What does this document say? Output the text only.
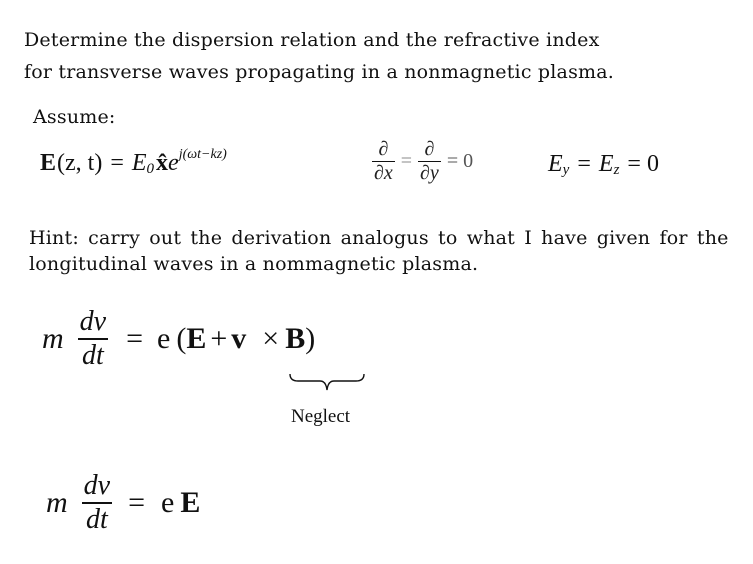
Determine the dispersion relation and the refractive index
for transverse waves propagating in a nonmagnetic plasma.
Assume:
E (z, t) = E 0 x̂ e j(ωt−kz)	$\frac{\partial}{\partial x} = \frac{\partial}{\partial y} = 0$	E y = E z = 0
Hint: carry out the derivation analogus to what I have given for the
longitudinal waves in a nommagnetic plasma.
m $\frac{dv}{dt} = e$ ( E + v × B )
Neglect
m $\frac{dv}{dt} = e$ E
